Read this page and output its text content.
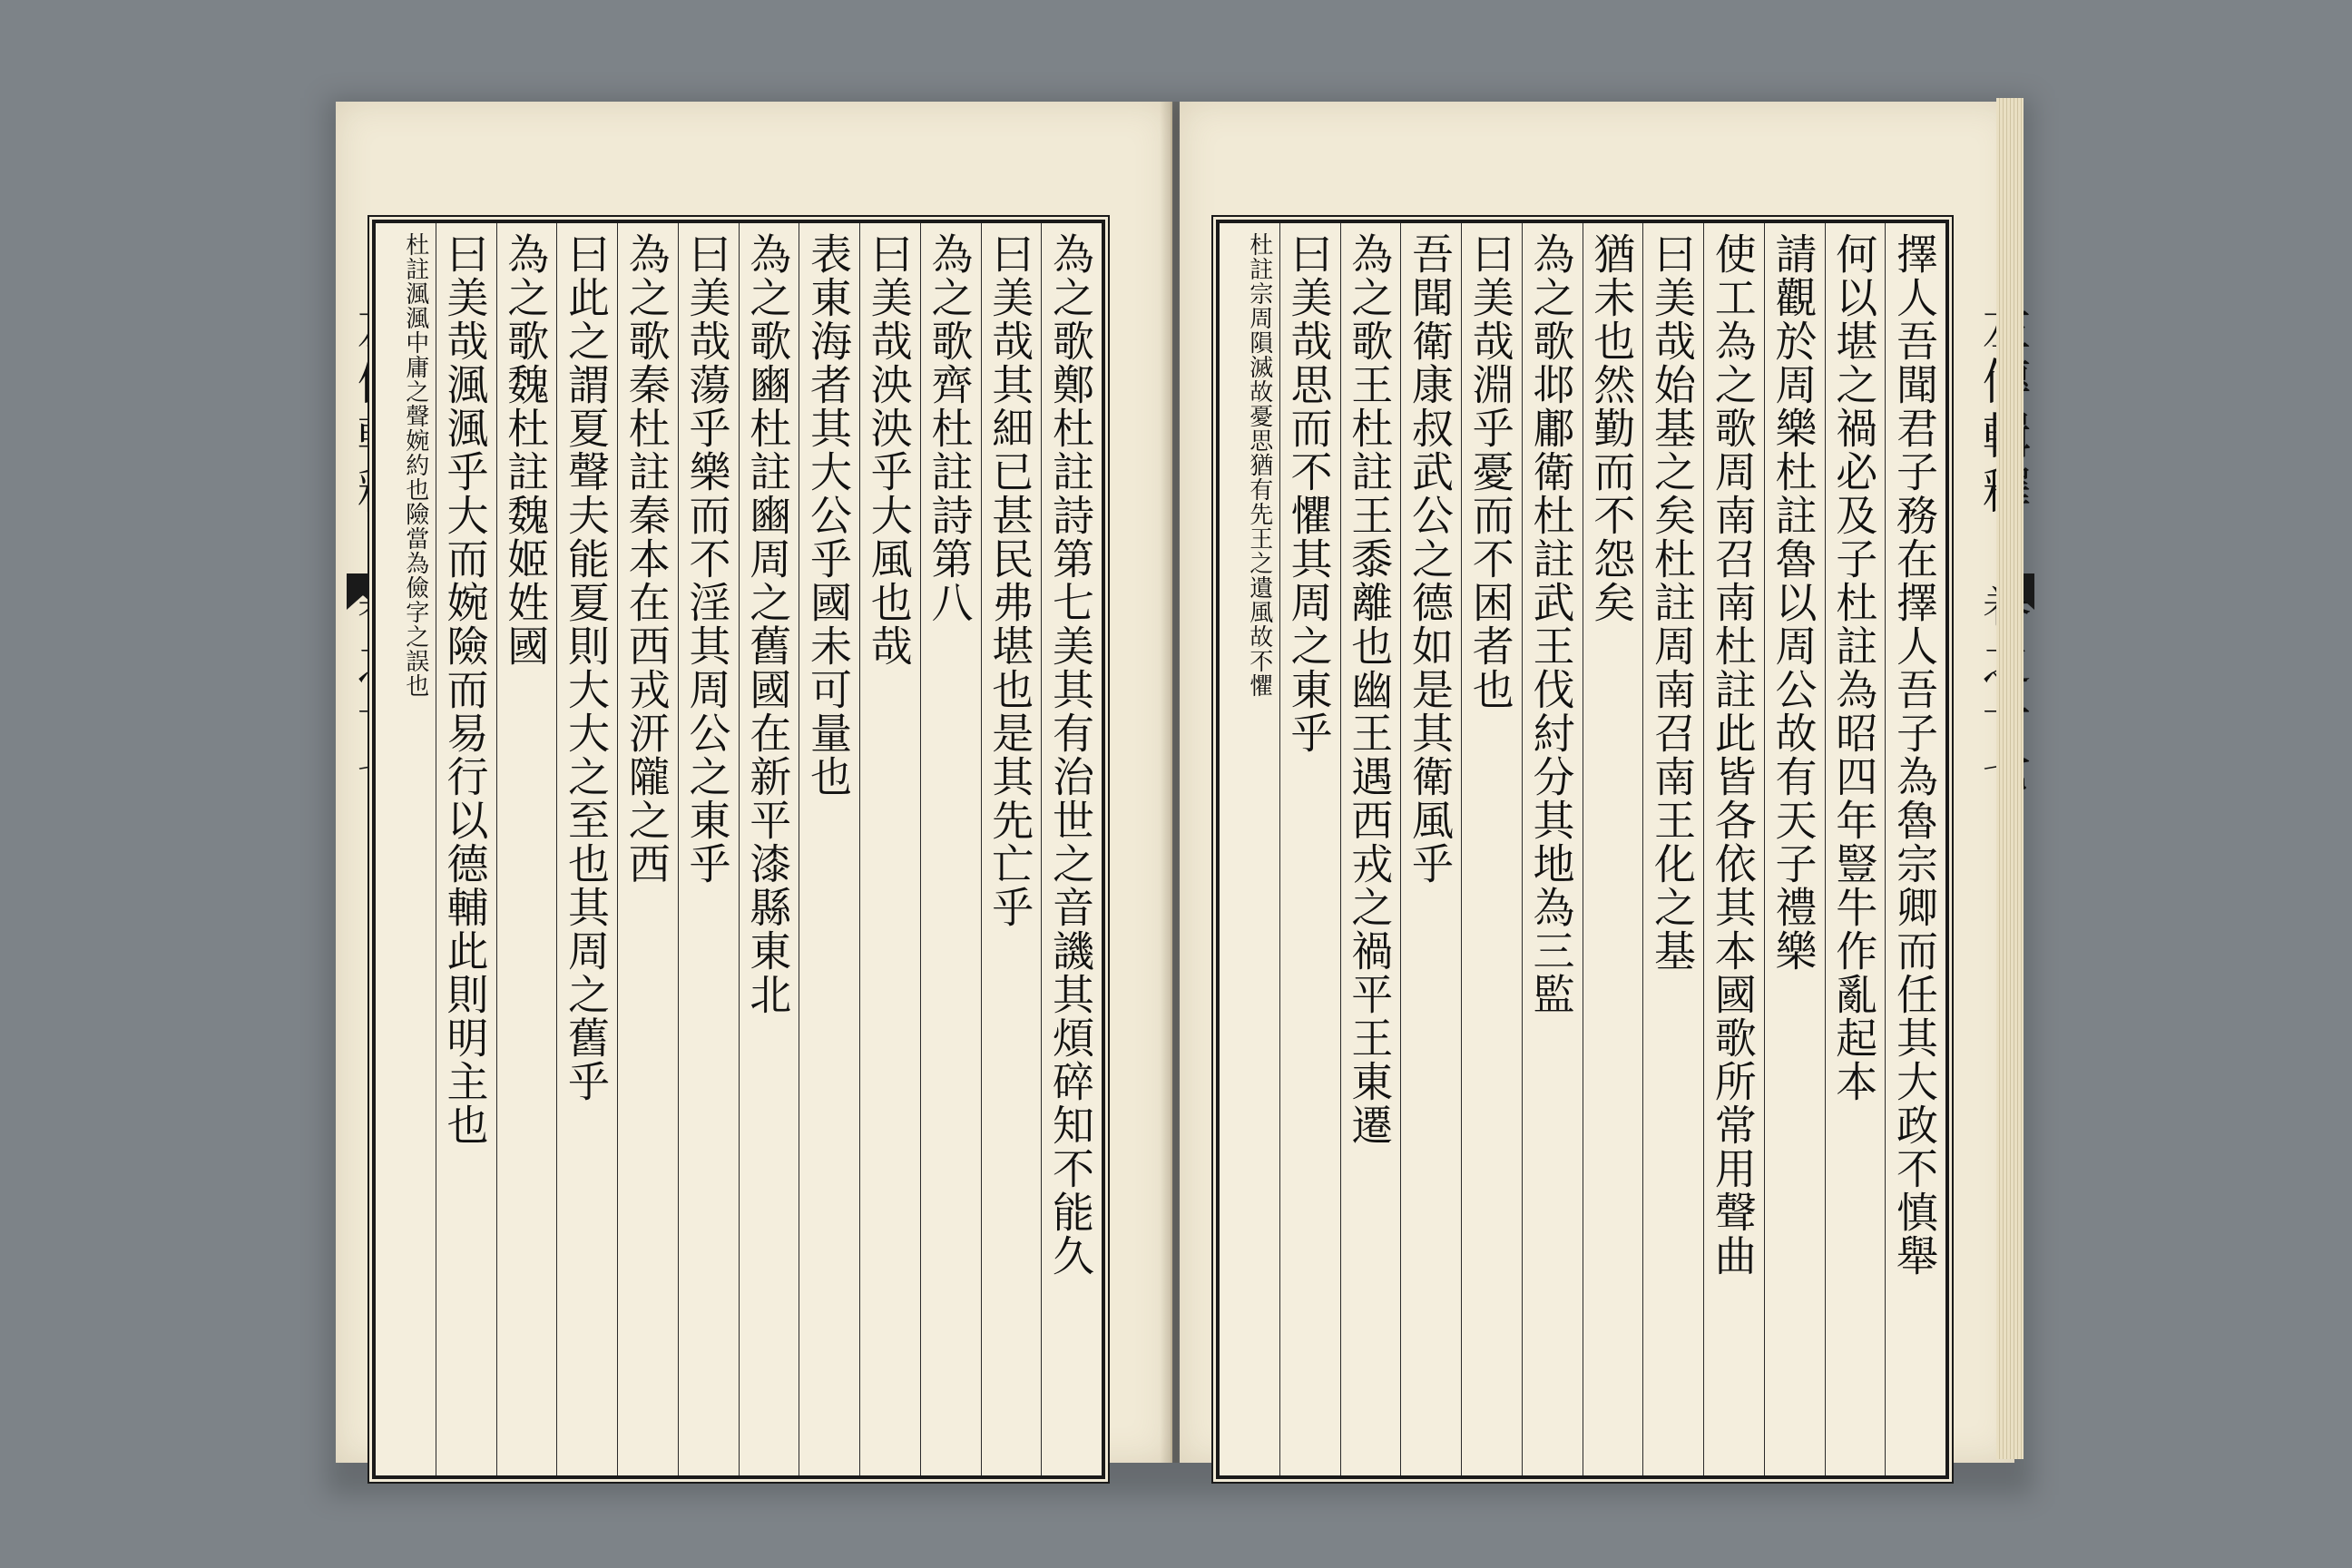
為之歌鄭杜註詩第七美其有治世之音譏其煩碎知不能久
曰美哉其細已甚民弗堪也是其先亡乎
為之歌齊杜註詩第八
曰美哉泱泱乎大風也哉
表東海者其大公乎國未可量也
為之歌豳杜註豳周之舊國在新平漆縣東北
曰美哉蕩乎樂而不淫其周公之東乎
為之歌秦杜註秦本在西戎汧隴之西
曰此之謂夏聲夫能夏則大大之至也其周之舊乎
為之歌魏杜註魏姬姓國
曰美哉渢渢乎大而婉險而易行以德輔此則明主也
杜註渢渢中庸之聲婉約也險當為儉字之誤也	擇人吾聞君子務在擇人吾子為魯宗卿而任其大政不慎舉
何以堪之禍必及子杜註為昭四年豎牛作亂起本
請觀於周樂杜註魯以周公故有天子禮樂
使工為之歌周南召南杜註此皆各依其本國歌所常用聲曲
曰美哉始基之矣杜註周南召南王化之基
猶未也然勤而不怨矣
為之歌邶鄘衛杜註武王伐紂分其地為三監
曰美哉淵乎憂而不困者也
吾聞衛康叔武公之德如是其衛風乎
為之歌王杜註王黍離也幽王遇西戎之禍平王東遷
曰美哉思而不懼其周之東乎
杜註宗周隕滅故憂思猶有先王之遺風故不懼
